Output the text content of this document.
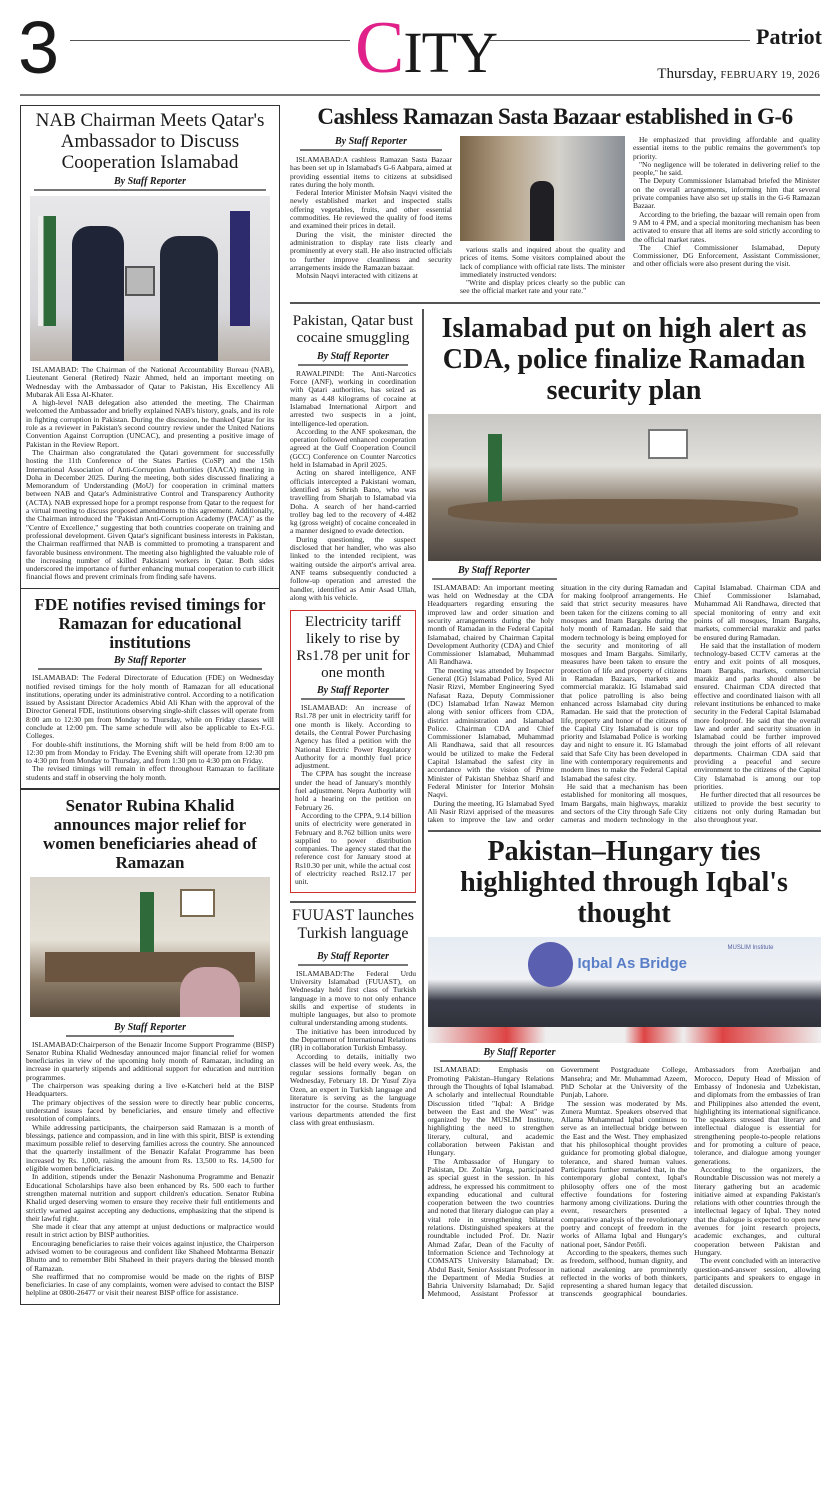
3	CITY	Patriot
Thursday, FEBRUARY 19, 2026
NAB Chairman Meets Qatar's Ambassador to Discuss Cooperation Islamabad
By Staff Reporter

ISLAMABAD: The Chairman of the National Accountability Bureau (NAB), Lieutenant General (Retired) Nazir Ahmed, held an important meeting on Wednesday with the Ambassador of Qatar to Pakistan, His Excellency Ali Mubarak Ali Essa Al-Khater.

A high-level NAB delegation also attended the meeting. The Chairman welcomed the Ambassador and briefly explained NAB's history, goals, and its role in fighting corruption in Pakistan. During the discussion, he thanked Qatar for its role as a reviewer in Pakistan's second country review under the United Nations Convention Against Corruption (UNCAC), and presenting a positive image of Pakistan in the Review Report.

The Chairman also congratulated the Qatari government for successfully hosting the 11th Conference of the States Parties (CoSP) and the 15th International Association of Anti-Corruption Authorities (IAACA) meeting in Doha in December 2025. During the meeting, both sides discussed finalizing a Memorandum of Understanding (MoU) for cooperation in criminal matters between NAB and Qatar's Administrative Control and Transparency Authority (ACTA). NAB expressed hope for a prompt response from Qatar to the request for a virtual meeting to discuss proposed amendments to this agreement. Additionally, the Chairman introduced the "Pakistan Anti-Corruption Academy (PACA)" as the "Centre of Excellence," suggesting that both countries cooperate on training and professional development. Given Qatar's significant business interests in Pakistan, the Chairman reaffirmed that NAB is committed to promoting a transparent and favorable business environment. The meeting also highlighted the valuable role of the increasing number of skilled Pakistani workers in Qatar. Both sides underscored the importance of further enhancing mutual cooperation to curb illicit financial flows and prevent criminals from finding safe havens.

FDE notifies revised timings for Ramazan for educational institutions
By Staff Reporter

ISLAMABAD: The Federal Directorate of Education (FDE) on Wednesday notified revised timings for the holy month of Ramazan for all educational institutions, operating under its administrative control. According to a notification issued by Assistant Director Academics Abid Ali Khan with the approval of the Director General FDE, institutions observing single-shift classes will operate from 8:00 am to 12:30 pm from Monday to Thursday, while on Friday classes will conclude at 12:00 pm. The same schedule will also be applicable to Ex-F.G. Colleges.

For double-shift institutions, the Morning shift will be held from 8:00 am to 12:30 pm from Monday to Friday. The Evening shift will operate from 12:30 pm to 4:30 pm from Monday to Thursday, and from 1:30 pm to 4:30 pm on Friday.

The revised timings will remain in effect throughout Ramazan to facilitate students and staff in observing the holy month.

Senator Rubina Khalid announces major relief for women beneficiaries ahead of Ramazan
By Staff Reporter

ISLAMABAD:Chairperson of the Benazir Income Support Programme (BISP) Senator Rubina Khalid Wednesday announced major financial relief for women beneficiaries in view of the upcoming holy month of Ramazan, including an increase in quarterly stipends and additional support for education and nutrition programmes.

The chairperson was speaking during a live e-Katcheri held at the BISP Headquarters.

The primary objectives of the session were to directly hear public concerns, understand issues faced by beneficiaries, and ensure timely and effective resolution of complaints.

While addressing participants, the chairperson said Ramazan is a month of blessings, patience and compassion, and in line with this spirit, BISP is extending maximum possible relief to deserving families across the country. She announced that the quarterly installment of the Benazir Kafalat Programme has been increased by Rs. 1,000, raising the amount from Rs. 13,500 to Rs. 14,500 for eligible women beneficiaries.

In addition, stipends under the Benazir Nashonuma Programme and Benazir Educational Scholarships have also been enhanced by Rs. 500 each to further strengthen maternal nutrition and support children's education. Senator Rubina Khalid urged deserving women to ensure they receive their full entitlements and strictly warned against accepting any deductions, emphasizing that the stipend is their lawful right.

She made it clear that any attempt at unjust deductions or malpractice would result in strict action by BISP authorities.

Encouraging beneficiaries to raise their voices against injustice, the Chairperson advised women to be courageous and confident like Shaheed Mohtarma Benazir Bhutto and to remember Bibi Shaheed in their prayers during the blessed month of Ramazan.

She reaffirmed that no compromise would be made on the rights of BISP beneficiaries. In case of any complaints, women were advised to contact the BISP helpline at 0800-26477 or visit their nearest BISP office for assistance.

Cashless Ramazan Sasta Bazaar established in G-6
By Staff Reporter

ISLAMABAD:A cashless Ramazan Sasta Bazaar has been set up in Islamabad's G-6 Aabpara, aimed at providing essential items to citizens at subsidised rates during the holy month.

Federal Interior Minister Mohsin Naqvi visited the newly established market and inspected stalls offering vegetables, fruits, and other essential commodities. He reviewed the quality of food items and examined their prices in detail.

During the visit, the minister directed the administration to display rate lists clearly and prominently at every stall. He also instructed officials to further improve cleanliness and security arrangements inside the Ramazan bazaar.

Mohsin Naqvi interacted with citizens at

various stalls and inquired about the quality and prices of items. Some visitors complained about the lack of compliance with official rate lists. The minister immediately instructed vendors:

"Write and display prices clearly so the public can see the official market rate and your rate."

He emphasized that providing affordable and quality essential items to the public remains the government's top priority.

"No negligence will be tolerated in delivering relief to the people," he said.

The Deputy Commissioner Islamabad briefed the Minister on the overall arrangements, informing him that several private companies have also set up stalls in the G-6 Ramazan Bazaar.

According to the briefing, the bazaar will remain open from 9 AM to 4 PM, and a special monitoring mechanism has been activated to ensure that all items are sold strictly according to the official market rates.

The Chief Commissioner Islamabad, Deputy Commissioner, DG Enforcement, Assistant Commissioner, and other officials were also present during the visit.

Pakistan, Qatar bust cocaine smuggling
By Staff Reporter

RAWALPINDI: The Anti-Narcotics Force (ANF), working in coordination with Qatari authorities, has seized as many as 4.48 kilograms of cocaine at Islamabad International Airport and arrested two suspects in a joint, intelligence-led operation.

According to the ANF spokesman, the operation followed enhanced cooperation agreed at the Gulf Cooperation Council (GCC) Conference on Counter Narcotics held in Islamabad in April 2025.

Acting on shared intelligence, ANF officials intercepted a Pakistani woman, identified as Sehrish Bano, who was travelling from Sharjah to Islamabad via Doha. A search of her hand-carried trolley bag led to the recovery of 4.482 kg (gross weight) of cocaine concealed in a manner designed to evade detection.

During questioning, the suspect disclosed that her handler, who was also linked to the intended recipient, was waiting outside the airport's arrival area. ANF teams subsequently conducted a follow-up operation and arrested the handler, identified as Amir Asad Ullah, along with his vehicle.

Electricity tariff likely to rise by Rs1.78 per unit for one month
By Staff Reporter

ISLAMABAD: An increase of Rs1.78 per unit in electricity tariff for one month is likely. According to details, the Central Power Purchasing Agency has filed a petition with the National Electric Power Regulatory Authority for a monthly fuel price adjustment.

The CPPA has sought the increase under the head of January's monthly fuel adjustment. Nepra Authority will hold a hearing on the petition on February 26.

According to the CPPA, 9.14 billion units of electricity were generated in February and 8.762 billion units were supplied to power distribution companies. The agency stated that the reference cost for January stood at Rs10.30 per unit, while the actual cost of electricity reached Rs12.17 per unit.

FUUAST launches Turkish language
By Staff Reporter

ISLAMABAD:The Federal Urdu University Islamabad (FUUAST), on Wednesday held first class of Turkish language in a move to not only enhance skills and expertise of students in multiple languages, but also to promote cultural understanding among students.

The initiative has been introduced by the Department of International Relations (IR) in collaboration Turkish Embassy.

According to details, initially two classes will be held every week. As, the regular sessions formally began on Wednesday, February 18. Dr Yusuf Ziya Ozen, an expert in Turkish language and literature is serving as the language instructor for the course. Students from various departments attended the first class with great enthusiasm.

Islamabad put on high alert as CDA, police finalize Ramadan security plan
By Staff Reporter

ISLAMABAD: An important meeting was held on Wednesday at the CDA Headquarters regarding ensuring the improved law and order situation and security arrangements during the holy month of Ramadan in the Federal Capital Islamabad, chaired by Chairman Capital Development Authority (CDA) and Chief Commissioner Islamabad, Muhammad Ali Randhawa.

The meeting was attended by Inspector General (IG) Islamabad Police, Syed Ali Nasir Rizvi, Member Engineering Syed Nafasat Raza, Deputy Commissioner (DC) Islamabad Irfan Nawaz Memon along with senior officers from CDA, district administration and Islamabad Police. Chairman CDA and Chief Commissioner Islamabad, Muhammad Ali Randhawa, said that all resources would be utilized to make the Federal Capital Islamabad the safest city in accordance with the vision of Prime Minister of Pakistan Shehbaz Sharif and Federal Minister for Interior Mohsin Naqvi.

During the meeting, IG Islamabad Syed Ali Nasir Rizvi apprised of the measures taken to improve the law and order situation in the city during Ramadan and for making foolproof arrangements. He said that strict security measures have been taken for the citizens coming to all mosques and Imam Bargahs during the holy month of Ramadan. He said that modern technology is being employed for the security and monitoring of all mosques and Imam Bargahs. Similarly, measures have been taken to ensure the protection of life and property of citizens in Ramadan Bazaars, markets and commercial marakiz. IG Islamabad said that police patrolling is also being enhanced across Islamabad city during Ramadan. He said that the protection of life, property and honor of the citizens of the Capital City Islamabad is our top priority and Islamabad Police is working day and night to ensure it. IG Islamabad said that Safe City has been developed in line with contemporary requirements and modern lines to make the Federal Capital Islamabad the safest city.

He said that a mechanism has been established for monitoring all mosques, Imam Bargahs, main highways, marakiz and sectors of the City through Safe City cameras and modern technology in the Capital Islamabad. Chairman CDA and Chief Commissioner Islamabad, Muhammad Ali Randhawa, directed that special monitoring of entry and exit points of all mosques, Imam Bargahs, markets, commercial marakiz and parks be ensured during Ramadan.

He said that the installation of modern technology-based CCTV cameras at the entry and exit points of all mosques, Imam Bargahs, markets, commercial marakiz and parks should also be ensured. Chairman CDA directed that effective and coordinated liaison with all relevant institutions be enhanced to make security in the Federal Capital Islamabad more foolproof. He said that the overall law and order and security situation in Islamabad could be further improved through the joint efforts of all relevant departments. Chairman CDA said that providing a peaceful and secure environment to the citizens of the Capital City Islamabad is among our top priorities.

He further directed that all resources be utilized to provide the best security to citizens not only during Ramadan but also throughout year.

Pakistan–Hungary ties highlighted through Iqbal's thought
Iqbal As Bridge
MUSLIM Institute
By Staff Reporter

ISLAMABAD: Emphasis on Promoting Pakistan–Hungary Relations through the Thoughts of Iqbal Islamabad. A scholarly and intellectual Roundtable Discussion titled "Iqbal: A Bridge between the East and the West" was organized by the MUSLIM Institute, highlighting the need to strengthen literary, cultural, and academic collaboration between Pakistan and Hungary.

The Ambassador of Hungary to Pakistan, Dr. Zoltán Varga, participated as special guest in the session. In his address, he expressed his commitment to expanding educational and cultural cooperation between the two countries and noted that literary dialogue can play a vital role in strengthening bilateral relations. Distinguished speakers at the roundtable included Prof. Dr. Nazir Ahmad Zafar, Dean of the Faculty of Information Science and Technology at COMSATS University Islamabad; Dr. Abdul Basit, Senior Assistant Professor in the Department of Media Studies at Bahria University Islamabad; Dr. Sajid Mehmood, Assistant Professor at Government Postgraduate College, Mansehra; and Mr. Muhammad Azeem, PhD Scholar at the University of the Punjab, Lahore.

The session was moderated by Ms. Zunera Mumtaz. Speakers observed that Allama Muhammad Iqbal continues to serve as an intellectual bridge between the East and the West. They emphasized that his philosophical thought provides guidance for promoting global dialogue, tolerance, and shared human values. Participants further remarked that, in the contemporary global context, Iqbal's philosophy offers one of the most effective foundations for fostering harmony among civilizations. During the event, researchers presented a comparative analysis of the revolutionary poetry and concept of freedom in the works of Allama Iqbal and Hungary's national poet, Sándor Petőfi.

According to the speakers, themes such as freedom, selfhood, human dignity, and national awakening are prominently reflected in the works of both thinkers, representing a shared human legacy that transcends geographical boundaries. Ambassadors from Azerbaijan and Morocco, Deputy Head of Mission of Embassy of Indonesia and Uzbekistan, and diplomats from the embassies of Iran and Philippines also attended the event, highlighting its international significance. The speakers stressed that literary and intellectual dialogue is essential for strengthening people-to-people relations and for promoting a culture of peace, tolerance, and dialogue among younger generations.

According to the organizers, the Roundtable Discussion was not merely a literary gathering but an academic initiative aimed at expanding Pakistan's relations with other countries through the intellectual legacy of Iqbal. They noted that the dialogue is expected to open new avenues for joint research projects, academic exchanges, and cultural cooperation between Pakistan and Hungary.

The event concluded with an interactive question-and-answer session, allowing participants and speakers to engage in detailed discussion.
